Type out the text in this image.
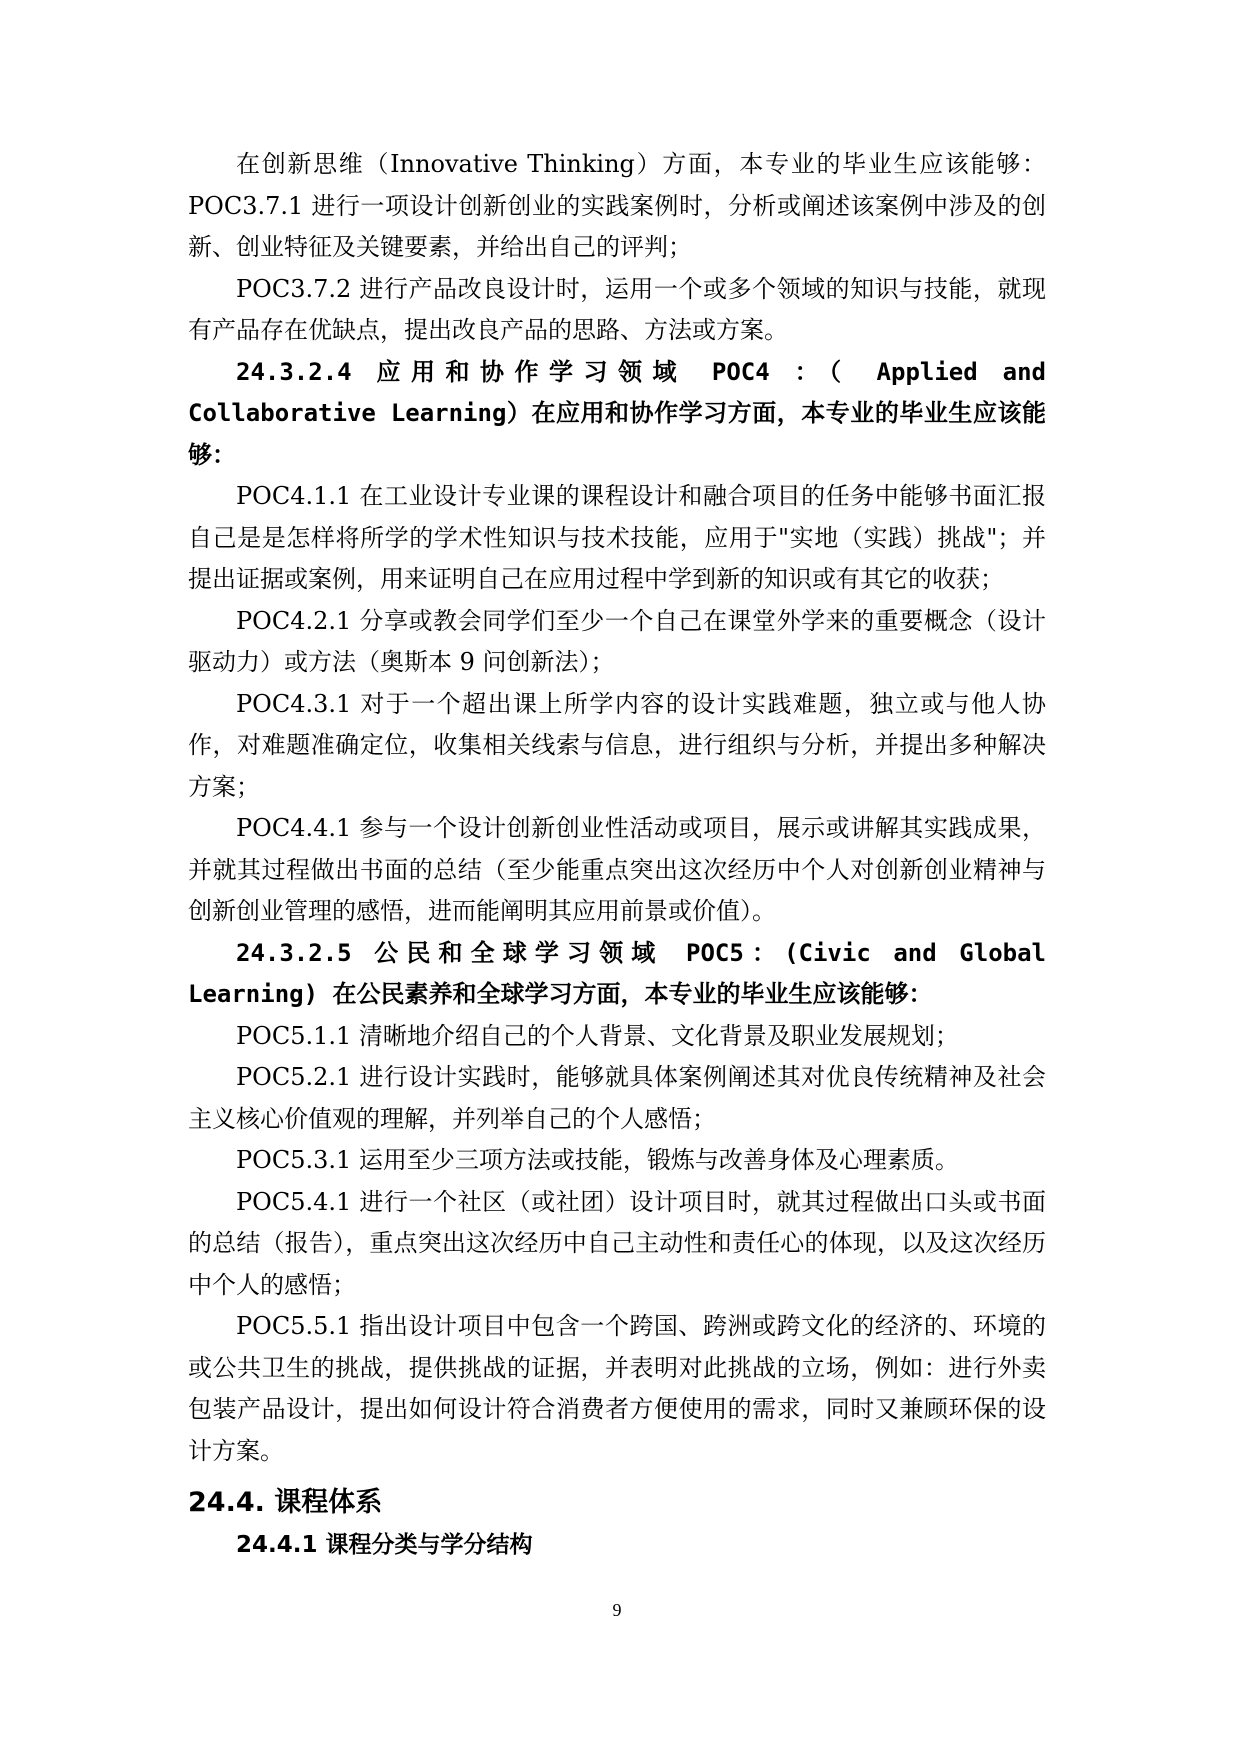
在创新思维（Innovative Thinking）方面，本专业的毕业生应该能够：POC3.7.1 进行一项设计创新创业的实践案例时，分析或阐述该案例中涉及的创新、创业特征及关键要素，并给出自己的评判；

POC3.7.2 进行产品改良设计时，运用一个或多个领域的知识与技能，就现有产品存在优缺点，提出改良产品的思路、方法或方案。

24.3.2.4 应用和协作学习领域 POC4 ：（ Applied and Collaborative Learning）在应用和协作学习方面，本专业的毕业生应该能够：

POC4.1.1 在工业设计专业课的课程设计和融合项目的任务中能够书面汇报自己是是怎样将所学的学术性知识与技术技能，应用于"实地（实践）挑战"；并提出证据或案例，用来证明自己在应用过程中学到新的知识或有其它的收获；

POC4.2.1 分享或教会同学们至少一个自己在课堂外学来的重要概念（设计驱动力）或方法（奥斯本 9 问创新法）；

POC4.3.1 对于一个超出课上所学内容的设计实践难题，独立或与他人协作，对难题准确定位，收集相关线索与信息，进行组织与分析，并提出多种解决方案；

POC4.4.1 参与一个设计创新创业性活动或项目，展示或讲解其实践成果，并就其过程做出书面的总结（至少能重点突出这次经历中个人对创新创业精神与创新创业管理的感悟，进而能阐明其应用前景或价值）。

24.3.2.5 公民和全球学习领域 POC5：(Civic and Global Learning) 在公民素养和全球学习方面，本专业的毕业生应该能够：

POC5.1.1 清晰地介绍自己的个人背景、文化背景及职业发展规划；

POC5.2.1 进行设计实践时，能够就具体案例阐述其对优良传统精神及社会主义核心价值观的理解，并列举自己的个人感悟；

POC5.3.1 运用至少三项方法或技能，锻炼与改善身体及心理素质。

POC5.4.1 进行一个社区（或社团）设计项目时，就其过程做出口头或书面的总结（报告），重点突出这次经历中自己主动性和责任心的体现，以及这次经历中个人的感悟；

POC5.5.1 指出设计项目中包含一个跨国、跨洲或跨文化的经济的、环境的或公共卫生的挑战，提供挑战的证据，并表明对此挑战的立场，例如：进行外卖包装产品设计，提出如何设计符合消费者方便使用的需求，同时又兼顾环保的设计方案。

24.4. 课程体系
24.4.1 课程分类与学分结构
9
